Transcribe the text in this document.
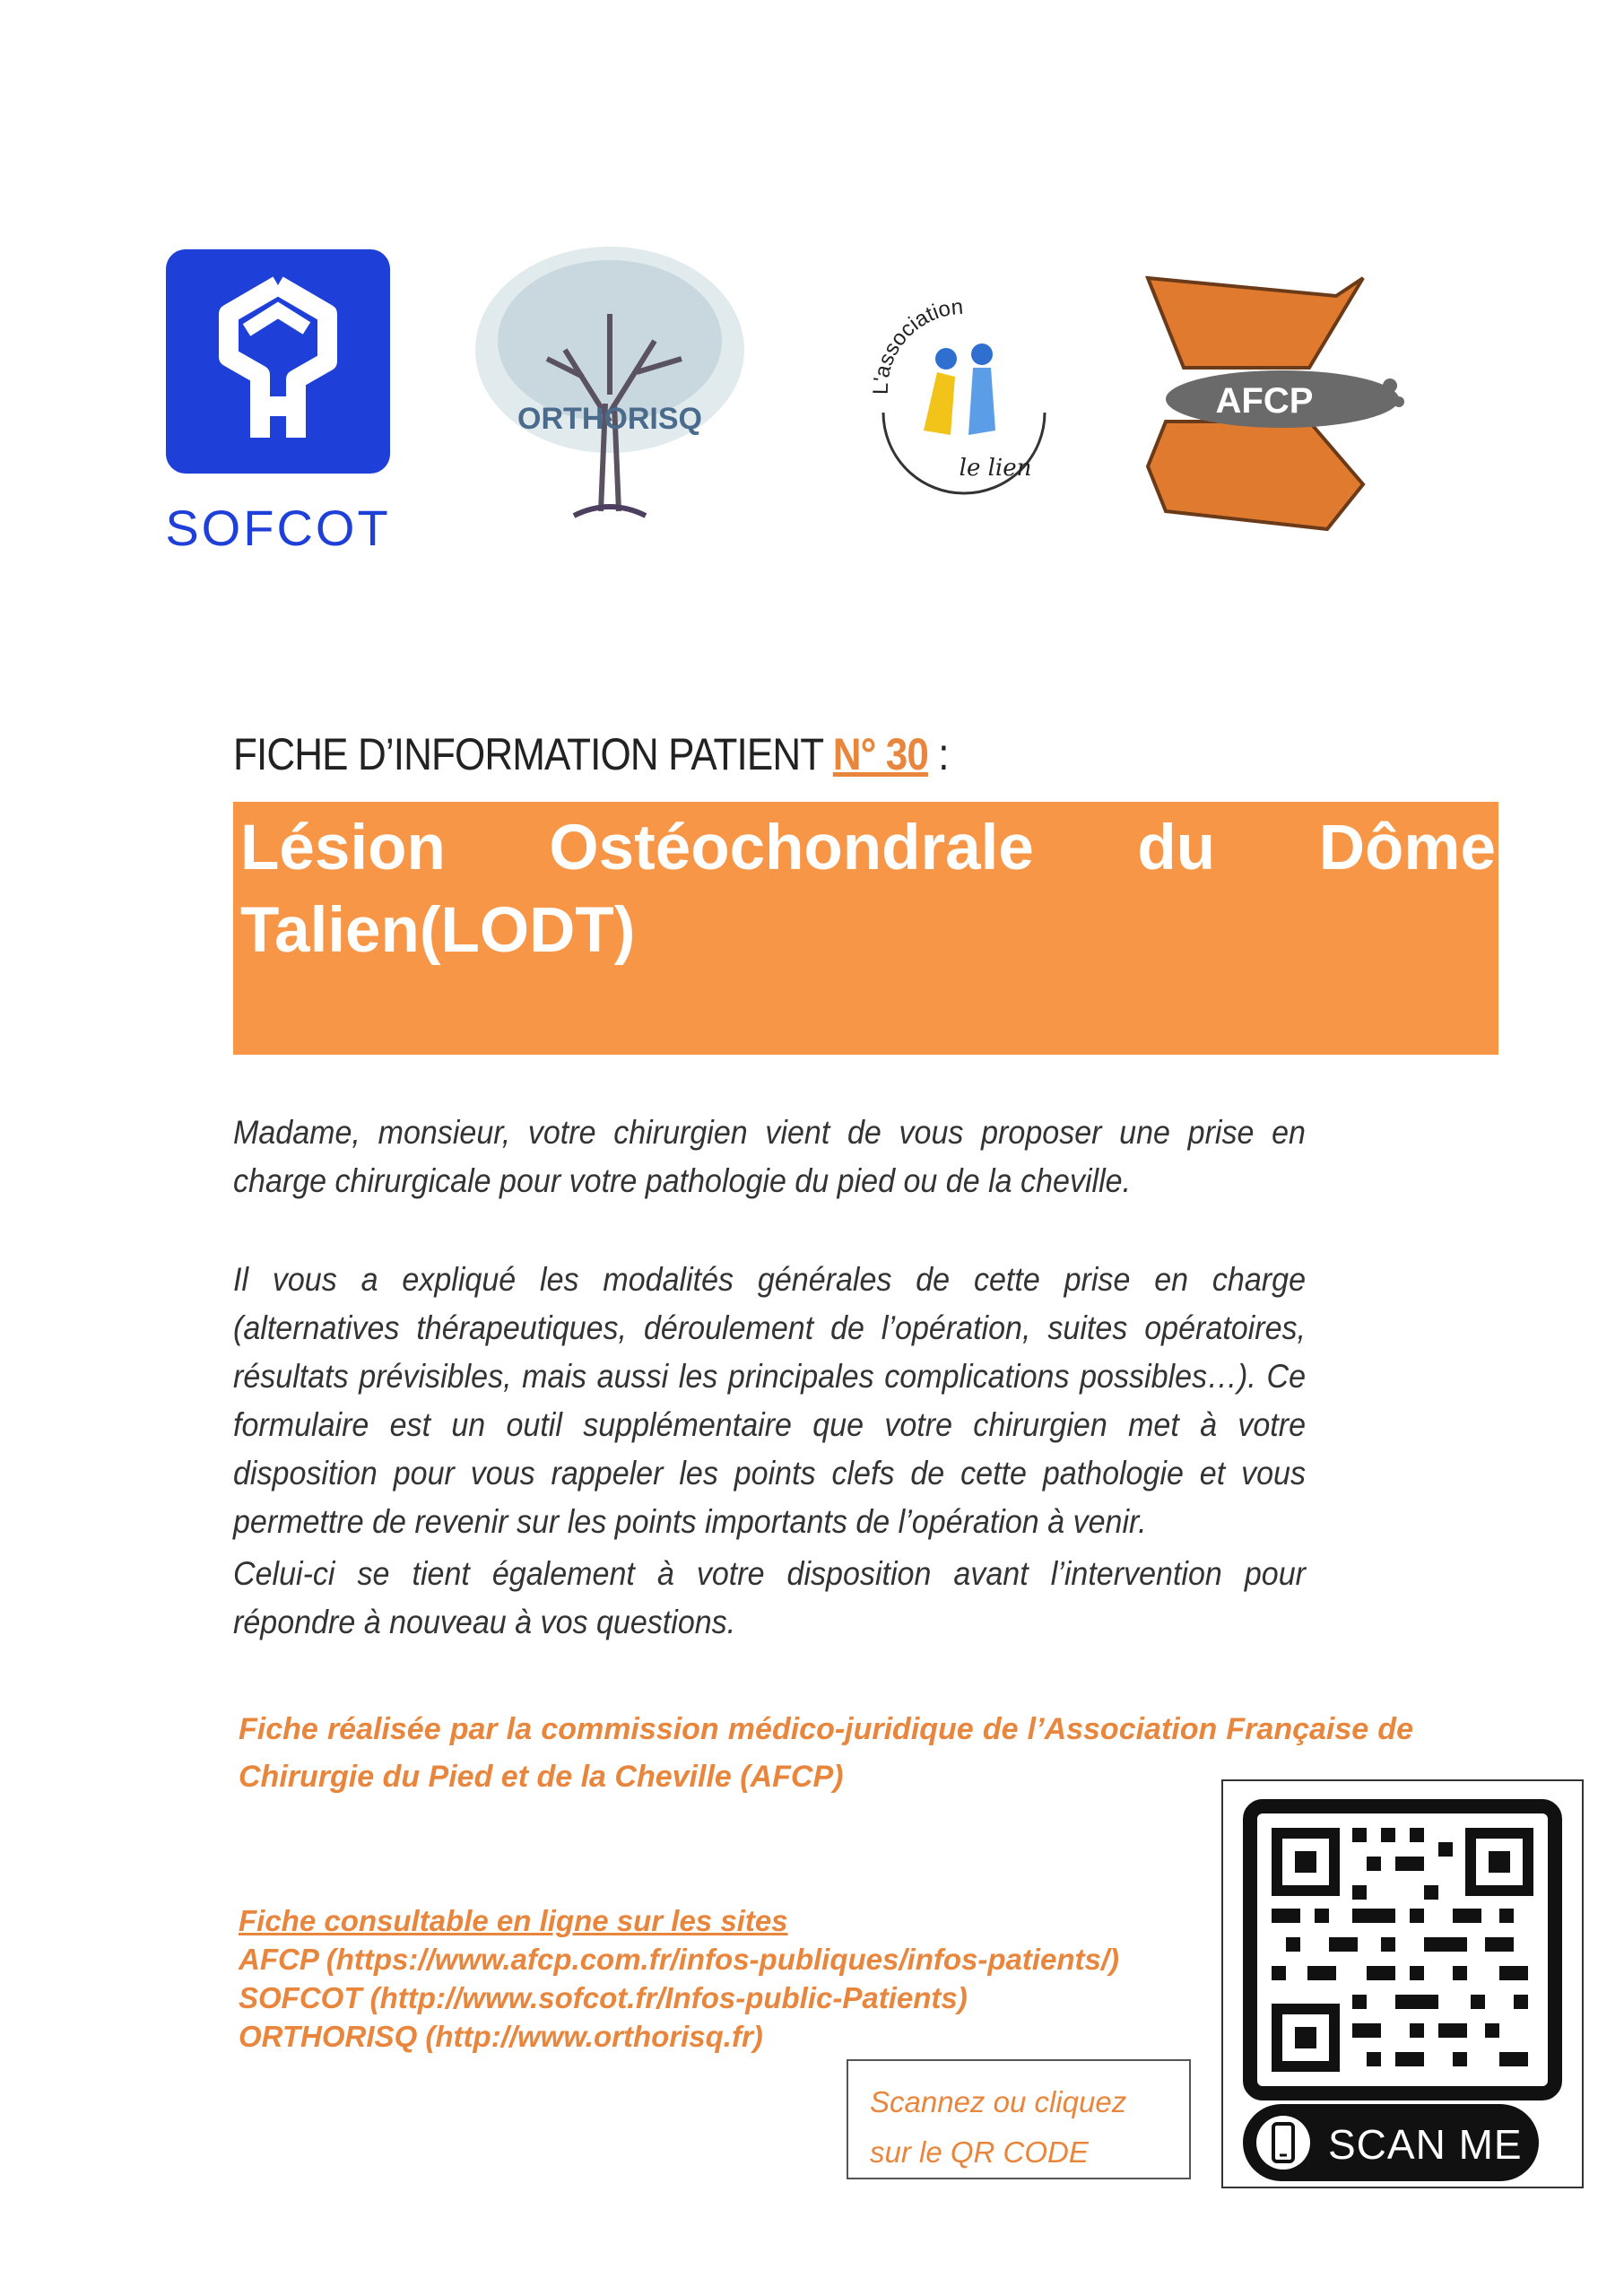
SOFCOT
ORTHORISQ
L'association
le lien
AFCP
FICHE D’INFORMATION PATIENT N° 30 :
Lésion Ostéochondrale du Dôme Talien(LODT)
Madame, monsieur, votre chirurgien vient de vous proposer une prise en charge chirurgicale pour votre pathologie du pied ou de la cheville.
Il vous a expliqué les modalités générales de cette prise en charge (alternatives thérapeutiques, déroulement de l’opération, suites opératoires, résultats prévisibles, mais aussi les principales complications possibles…). Ce formulaire est un outil supplémentaire que votre chirurgien met à votre disposition pour vous rappeler les points clefs de cette pathologie et vous permettre de revenir sur les points importants de l’opération à venir.
Celui-ci se tient également à votre disposition avant l’intervention pour répondre à nouveau à vos questions.
Fiche réalisée par la commission médico-juridique de l’Association Française de Chirurgie du Pied et de la Cheville (AFCP)
Fiche consultable en ligne sur les sites
AFCP (https://www.afcp.com.fr/infos-publiques/infos-patients/)
SOFCOT (http://www.sofcot.fr/Infos-public-Patients)
ORTHORISQ (http://www.orthorisq.fr)
Scannez ou cliquez sur le QR CODE	SCAN ME
